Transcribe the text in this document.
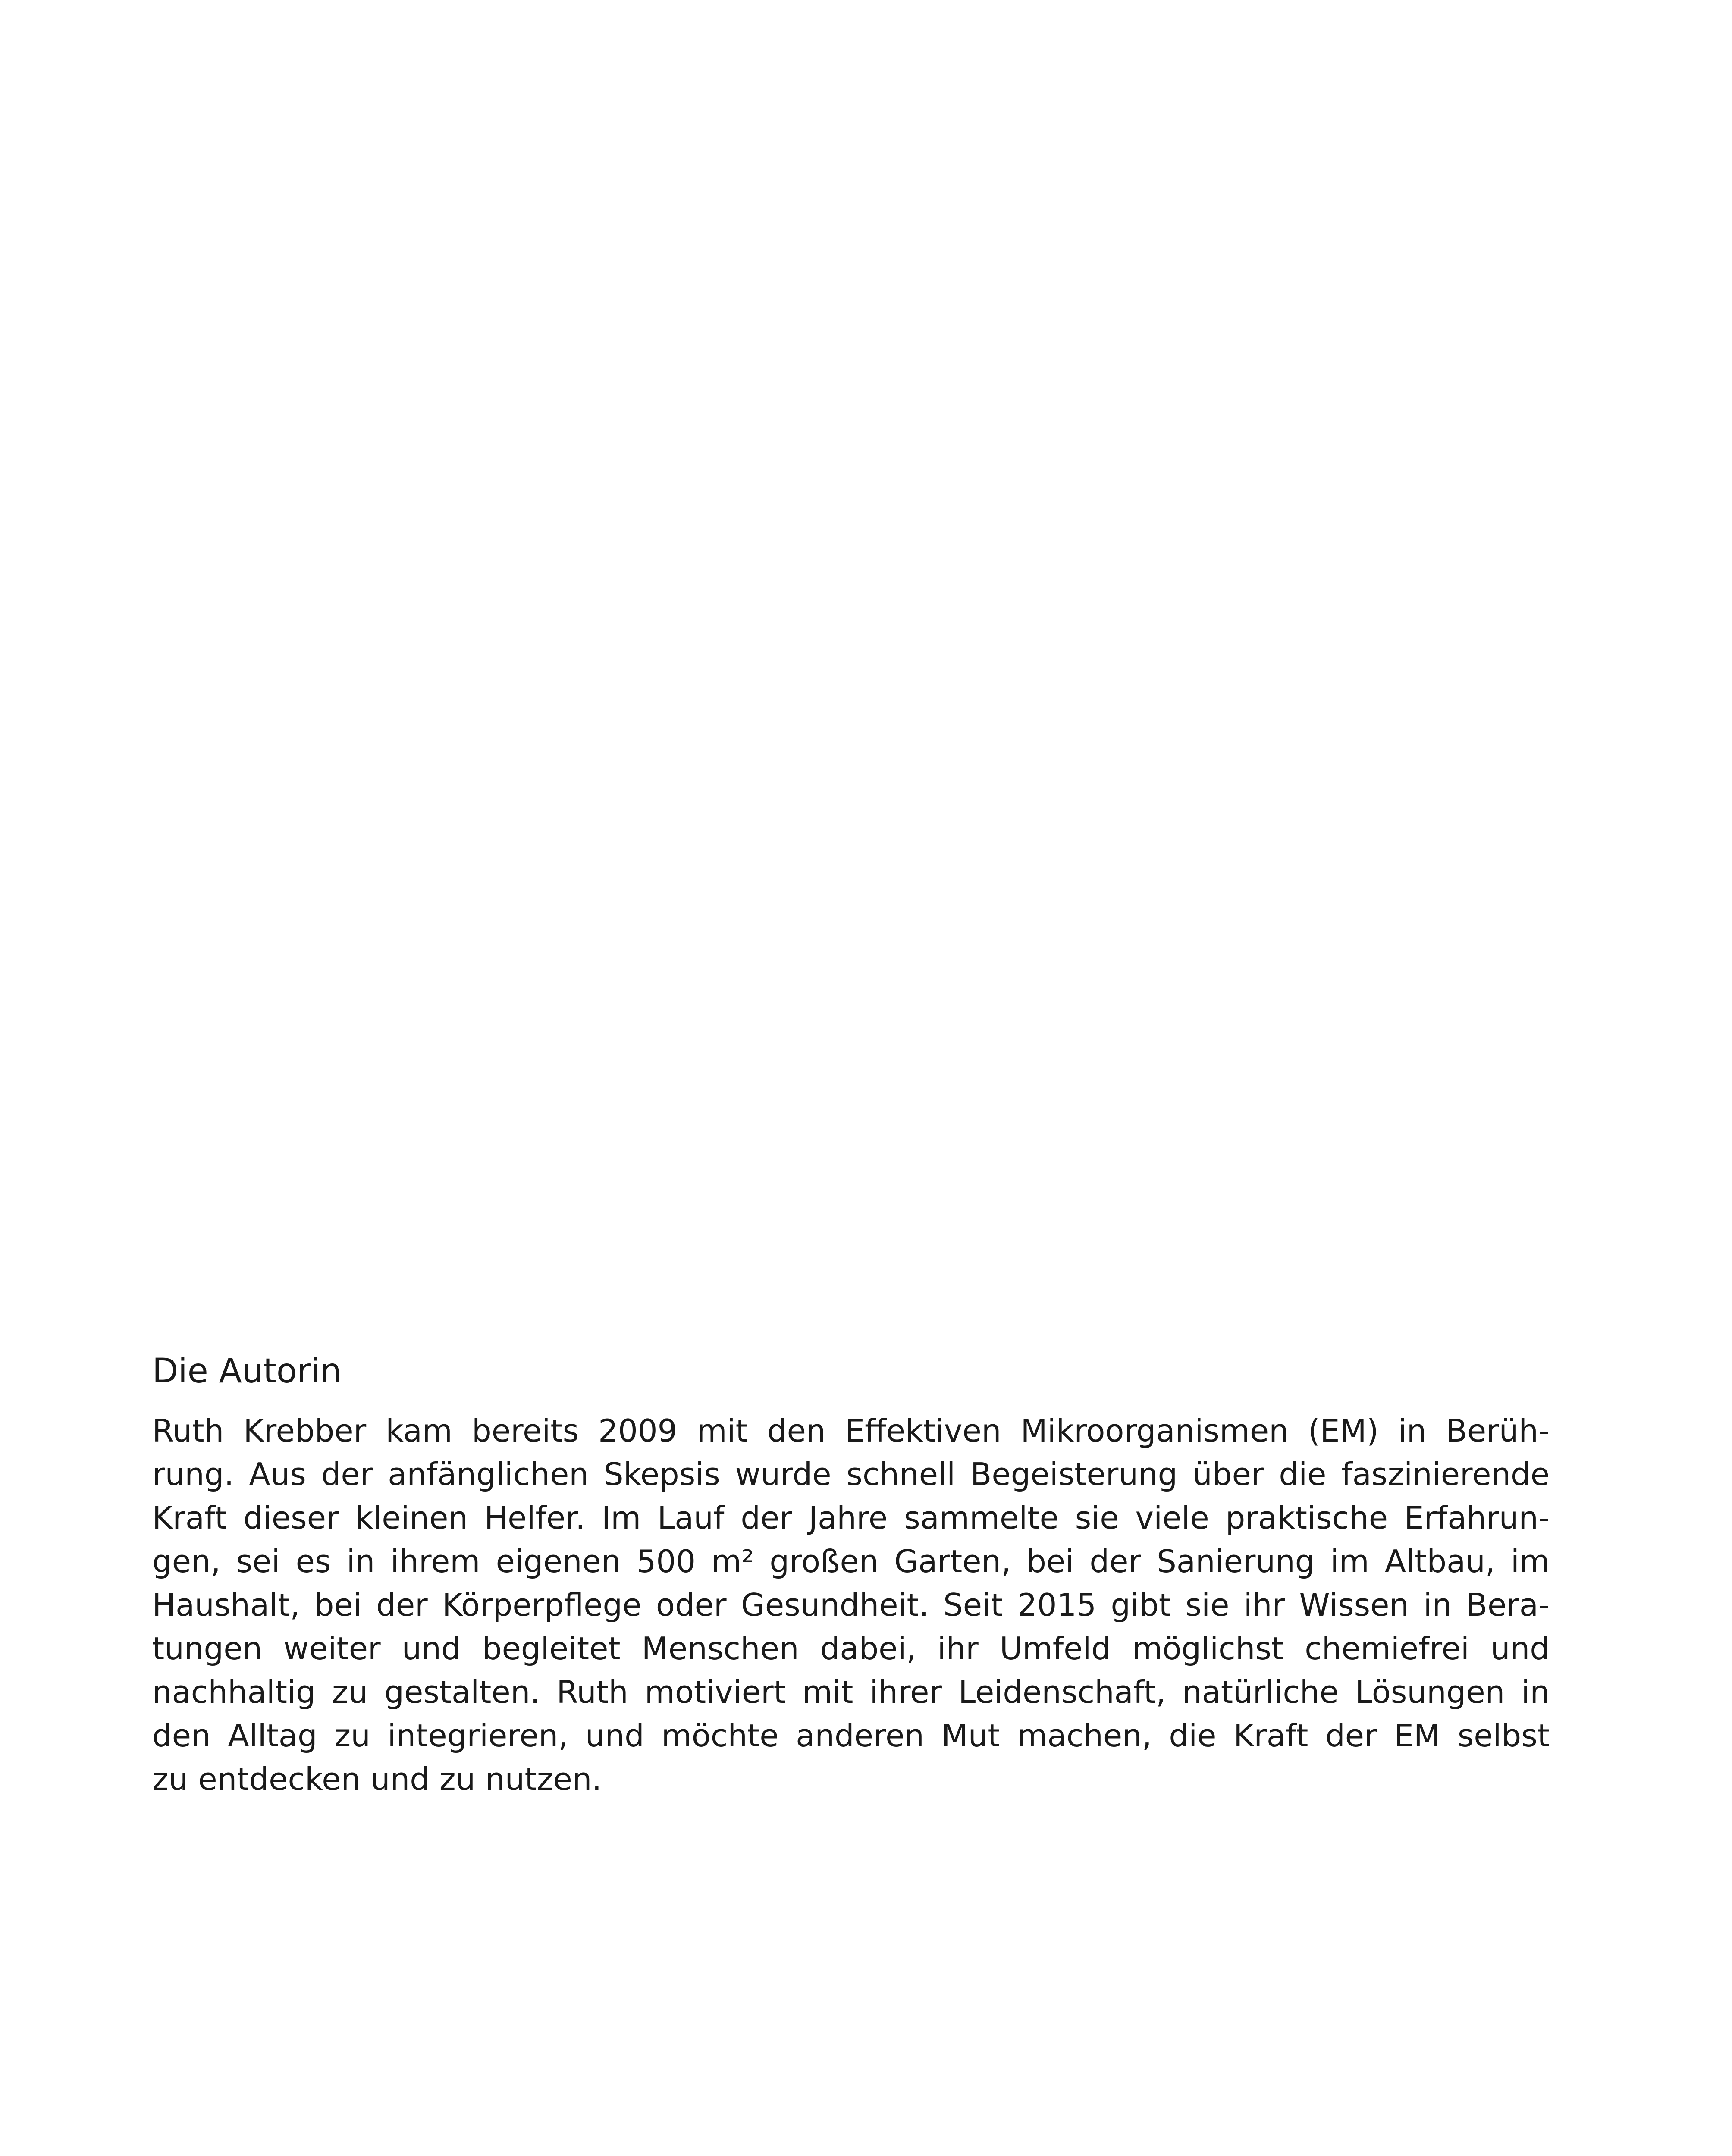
Die Autorin

Ruth Krebber kam bereits 2009 mit den Effektiven Mikroorganismen (EM) in Berüh-
rung. Aus der anfänglichen Skepsis wurde schnell Begeisterung über die faszinierende
Kraft dieser kleinen Helfer. Im Lauf der Jahre sammelte sie viele praktische Erfahrun-
gen, sei es in ihrem eigenen 500 m² großen Garten, bei der Sanierung im Altbau, im
Haushalt, bei der Körperpflege oder Gesundheit. Seit 2015 gibt sie ihr Wissen in Bera-
tungen weiter und begleitet Menschen dabei, ihr Umfeld möglichst chemiefrei und
nachhaltig zu gestalten. Ruth motiviert mit ihrer Leidenschaft, natürliche Lösungen in
den Alltag zu integrieren, und möchte anderen Mut machen, die Kraft der EM selbst
zu entdecken und zu nutzen.
